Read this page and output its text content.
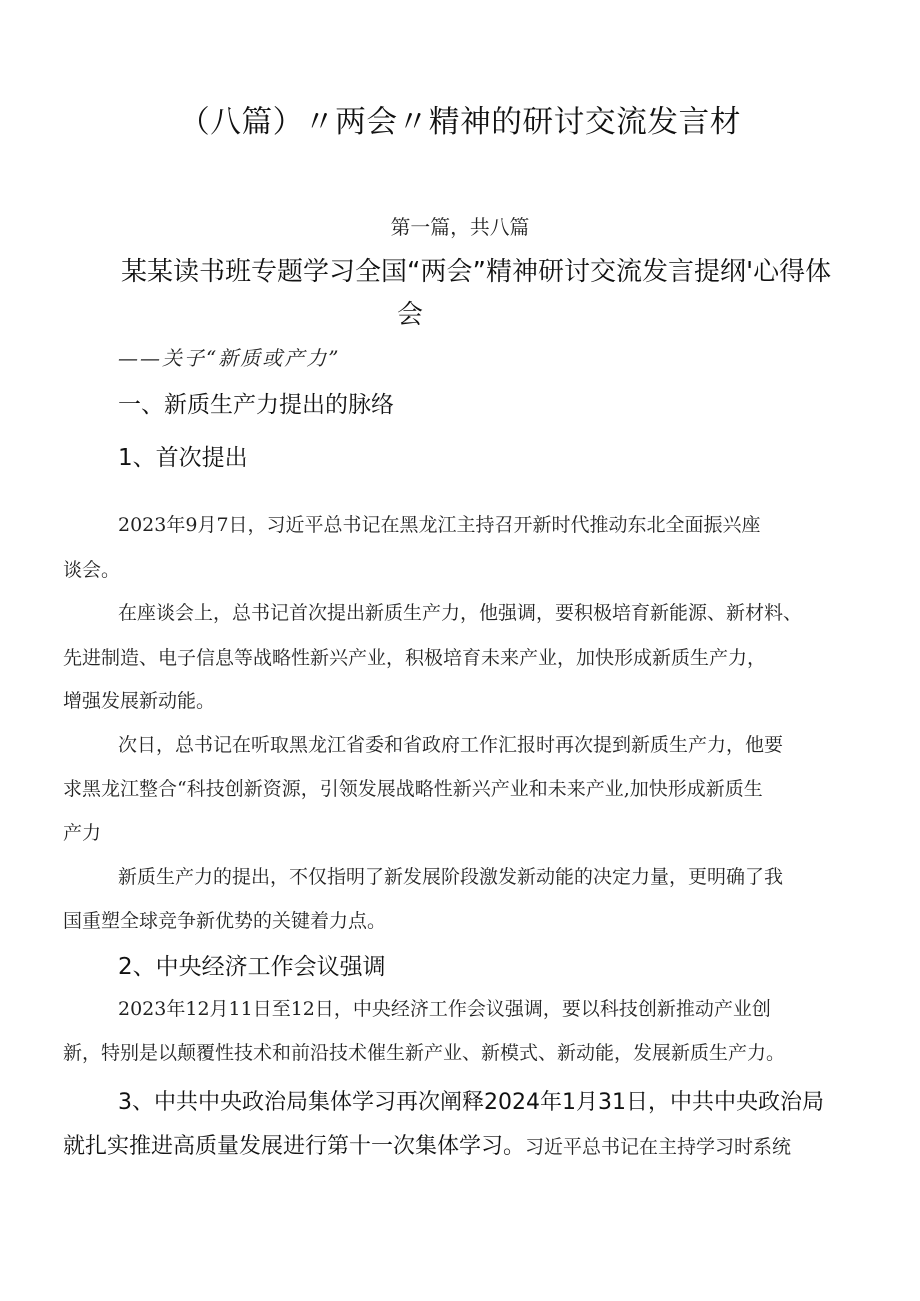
（八篇）〃两会〃精神的研讨交流发言材
第一篇，共八篇
某某读书班专题学习全国“两会”精神研讨交流发言提纲'心得体
会
——关子“新质或产力”
一、新质生产力提出的脉络
1、首次提出
2023年9月7日，习近平总书记在黑龙江主持召开新时代推动东北全面振兴座
谈会。
在座谈会上，总书记首次提出新质生产力，他强调，要积极培育新能源、新材料、
先进制造、电子信息等战略性新兴产业，积极培育未来产业，加快形成新质生产力，
增强发展新动能。
次日，总书记在听取黑龙江省委和省政府工作汇报时再次提到新质生产力，他要
求黑龙江整合“科技创新资源，引领发展战略性新兴产业和未来产业,加快形成新质生
产力
新质生产力的提出，不仅指明了新发展阶段激发新动能的决定力量，更明确了我
国重塑全球竞争新优势的关键着力点。
2、中央经济工作会议强调
2023年12月11日至12日，中央经济工作会议强调，要以科技创新推动产业创
新，特别是以颠覆性技术和前沿技术催生新产业、新模式、新动能，发展新质生产力。
3、中共中央政治局集体学习再次阐释2024年1月31日，中共中央政治局
就扎实推进高质量发展进行第十一次集体学习。习近平总书记在主持学习时系统
